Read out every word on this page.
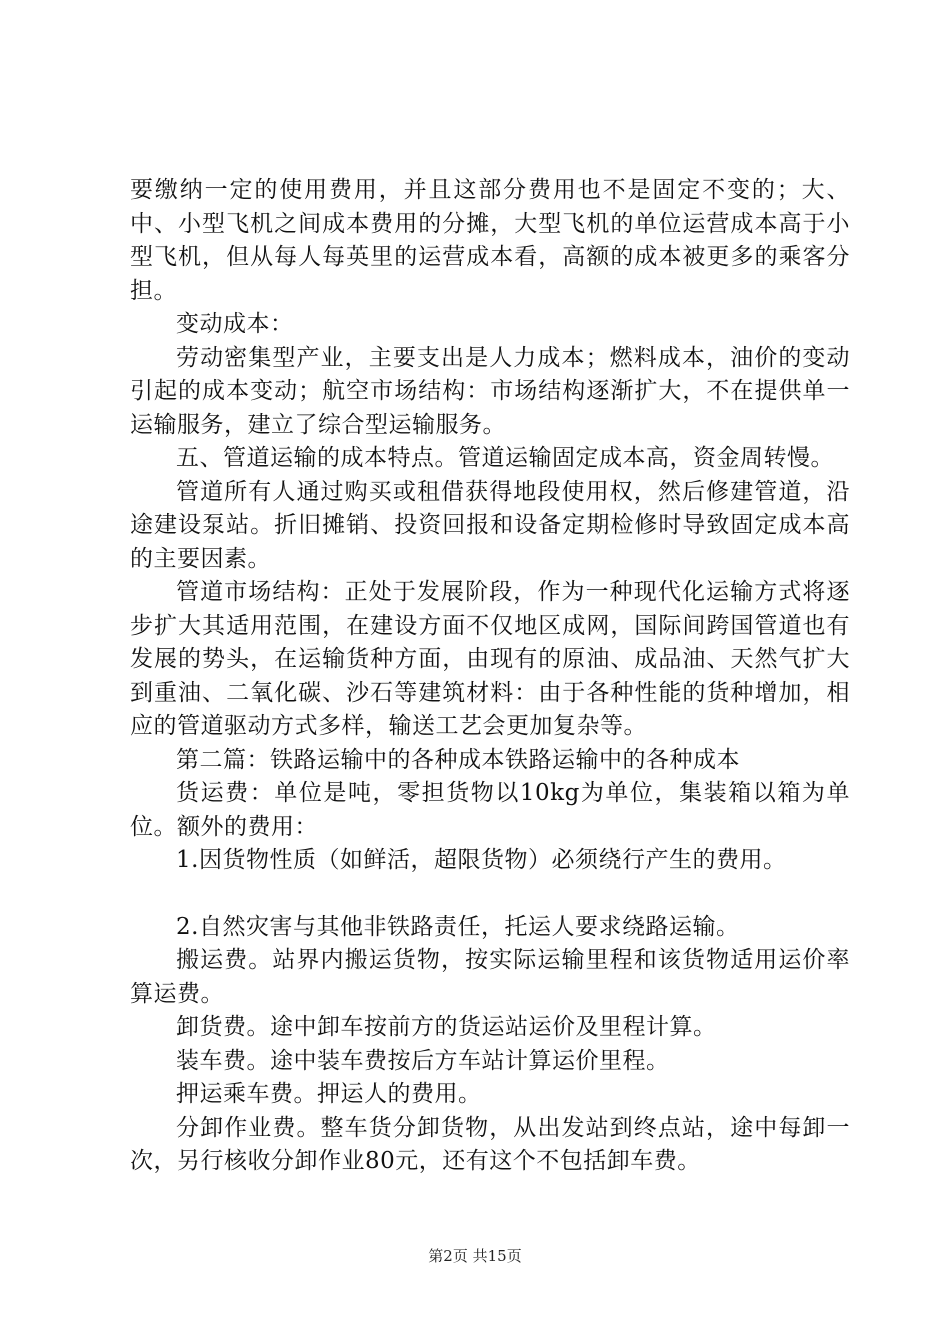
要缴纳一定的使用费用，并且这部分费用也不是固定不变的；大、中、小型飞机之间成本费用的分摊，大型飞机的单位运营成本高于小型飞机，但从每人每英里的运营成本看，高额的成本被更多的乘客分担。

变动成本：

劳动密集型产业，主要支出是人力成本；燃料成本，油价的变动引起的成本变动；航空市场结构：市场结构逐渐扩大，不在提供单一运输服务，建立了综合型运输服务。

五、管道运输的成本特点。管道运输固定成本高，资金周转慢。

管道所有人通过购买或租借获得地段使用权，然后修建管道，沿途建设泵站。折旧摊销、投资回报和设备定期检修时导致固定成本高的主要因素。

管道市场结构：正处于发展阶段，作为一种现代化运输方式将逐步扩大其适用范围，在建设方面不仅地区成网，国际间跨国管道也有发展的势头，在运输货种方面，由现有的原油、成品油、天然气扩大到重油、二氧化碳、沙石等建筑材料：由于各种性能的货种增加，相应的管道驱动方式多样，输送工艺会更加复杂等。

第二篇：铁路运输中的各种成本铁路运输中的各种成本

货运费：单位是吨，零担货物以10kg为单位，集装箱以箱为单位。额外的费用：

1.因货物性质（如鲜活，超限货物）必须绕行产生的费用。

2.自然灾害与其他非铁路责任，托运人要求绕路运输。

搬运费。站界内搬运货物，按实际运输里程和该货物适用运价率算运费。

卸货费。途中卸车按前方的货运站运价及里程计算。

装车费。途中装车费按后方车站计算运价里程。

押运乘车费。押运人的费用。

分卸作业费。整车货分卸货物，从出发站到终点站，途中每卸一次，另行核收分卸作业80元，还有这个不包括卸车费。

第2页 共15页
